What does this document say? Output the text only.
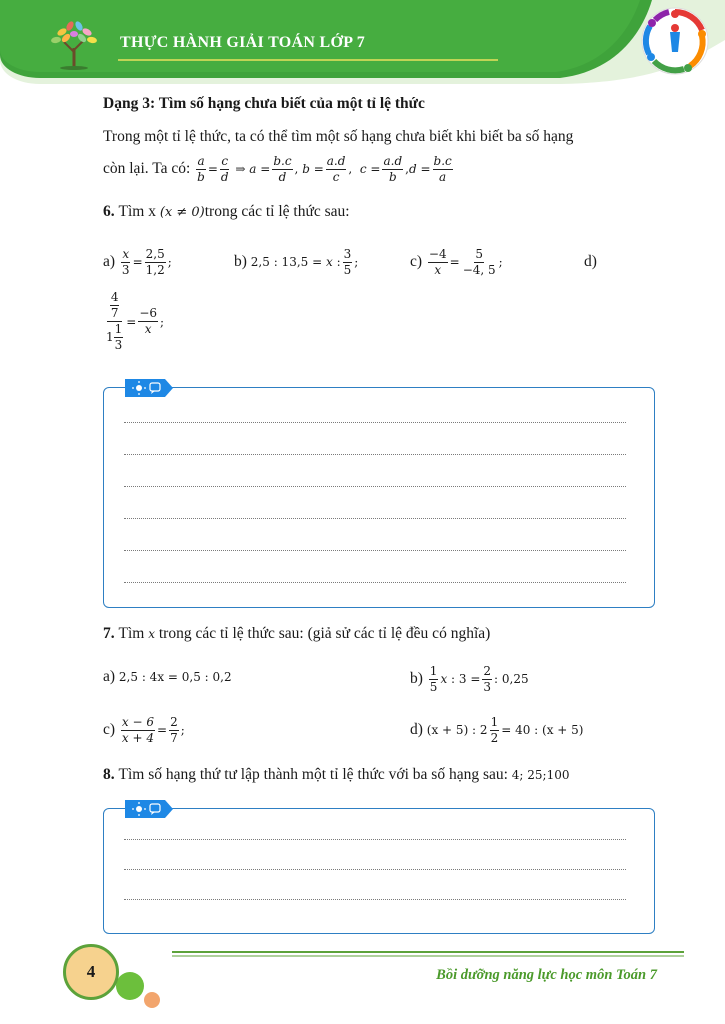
THỰC HÀNH GIẢI TOÁN LỚP 7
Dạng 3: Tìm số hạng chưa biết của một tỉ lệ thức
Trong một tỉ lệ thức, ta có thể tìm một số hạng chưa biết khi biết ba số hạng
còn lại. Ta có:
$\frac{a}{b} = \frac{c}{d}$ ⇒ $a = \frac{b.c}{d}$ , $b = \frac{a.d}{c}$ , $c = \frac{a.d}{b}$ , $d = \frac{b.c}{a}$
6.
Tìm x
(x ≠ 0) trong các tỉ lệ thức sau:
a)
$\frac{x}{3} = \frac{2,5}{1,2}$ ;	b)
2,5 : 13,5 = x : $\frac{3}{5}$ ;	c)
$\frac{-4}{x} = \frac{5}{-4, 5}$ ;	d)
$\frac{\frac{4}{7}}{1 \frac{1}{3}} = \frac{-6}{x}$ ;
7.
Tìm
x
trong các tỉ lệ thức sau: (giả sử các tỉ lệ đều có nghĩa)
a)
2,5 : 4x = 0,5 : 0,2	b)
$\frac{1}{5}$ x : $3 = \frac{2}{3}$ : 0,25
c)
$\frac{x - 6}{x + 4} = \frac{2}{7}$ ;	d)
(x + 5) : $2 \frac{1}{2} = 40$ : (x + 5)
8.
Tìm số hạng thứ tư lập thành một tỉ lệ thức với ba số hạng sau:
4; 25;100
4	Bồi dưỡng năng lực học môn Toán 7
